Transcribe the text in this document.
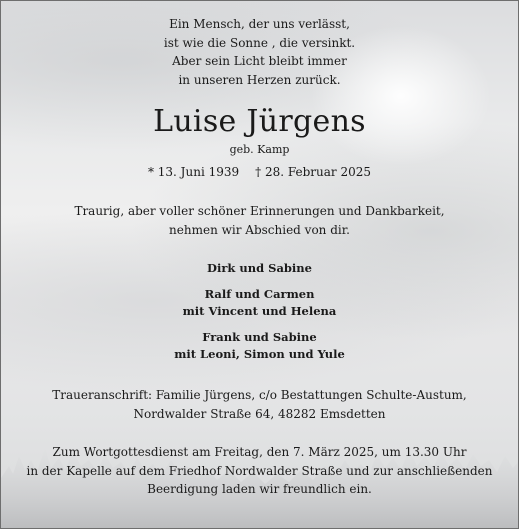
Ein Mensch, der uns verlässt,
ist wie die Sonne , die versinkt.
Aber sein Licht bleibt immer
in unseren Herzen zurück.
Luise Jürgens
geb. Kamp
* 13. Juni 1939 † 28. Februar 2025
Traurig, aber voller schöner Erinnerungen und Dankbarkeit,
nehmen wir Abschied von dir.
Dirk und Sabine
Ralf und Carmen
mit Vincent und Helena
Frank und Sabine
mit Leoni, Simon und Yule
Traueranschrift: Familie Jürgens, c/o Bestattungen Schulte-Austum,
Nordwalder Straße 64, 48282 Emsdetten
Zum Wortgottesdienst am Freitag, den 7. März 2025, um 13.30 Uhr
in der Kapelle auf dem Friedhof Nordwalder Straße und zur anschließenden
Beerdigung laden wir freundlich ein.
